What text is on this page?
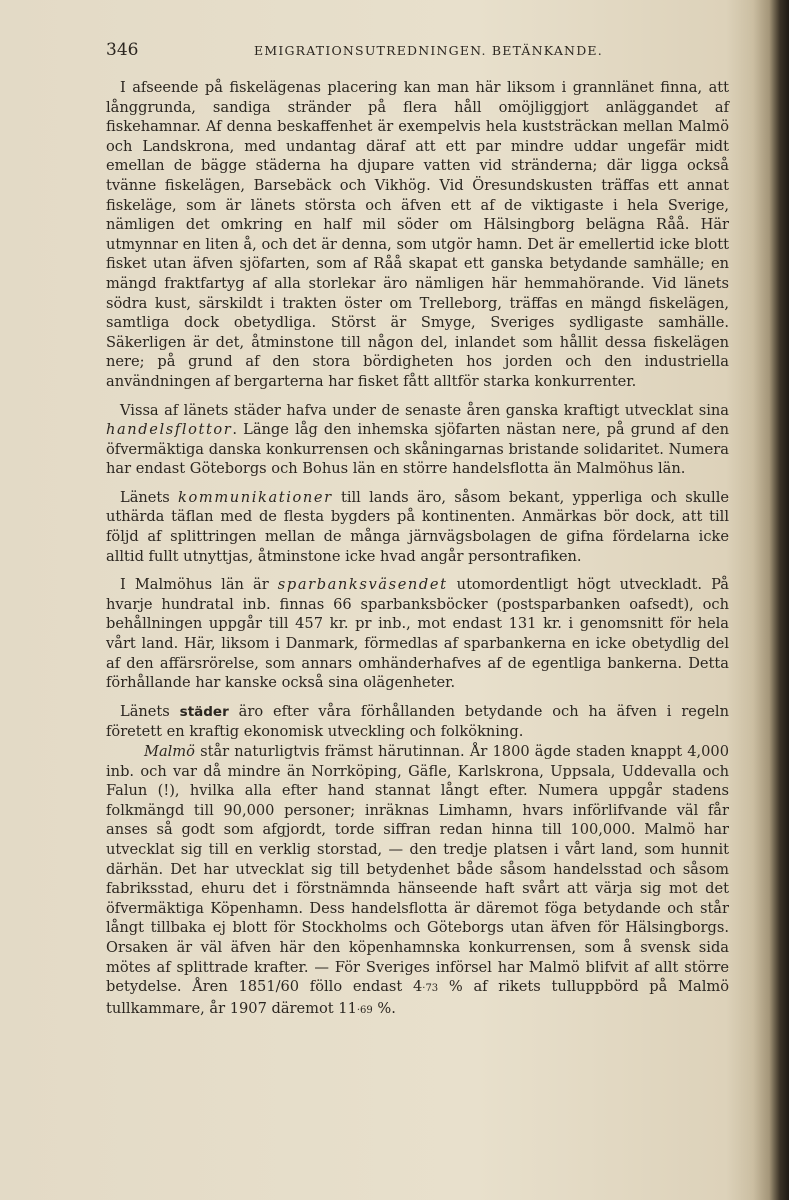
346	EMIGRATIONSUTREDNINGEN. BETÄNKANDE.

I afseende på fiskelägenas placering kan man här liksom i grannlänet finna, att långgrunda, sandiga stränder på flera håll omöjliggjort anläggandet af fiskehamnar. Af denna beskaffenhet är exempelvis hela kuststräckan mellan Malmö och Landskrona, med undantag däraf att ett par mindre uddar ungefär midt emellan de bägge städerna ha djupare vatten vid stränderna; där ligga också tvänne fiskelägen, Barsebäck och Vikhög. Vid Öresundskusten träffas ett annat fiskeläge, som är länets största och äfven ett af de viktigaste i hela Sverige, nämligen det omkring en half mil söder om Hälsingborg belägna Råå. Här utmynnar en liten å, och det är denna, som utgör hamn. Det är emellertid icke blott fisket utan äfven sjöfarten, som af Råå skapat ett ganska betydande samhälle; en mängd fraktfartyg af alla storlekar äro nämligen här hemmahörande. Vid länets södra kust, särskildt i trakten öster om Trelleborg, träffas en mängd fiskelägen, samtliga dock obetydliga. Störst är Smyge, Sveriges sydligaste samhälle. Säkerligen är det, åtminstone till någon del, inlandet som hållit dessa fiskelägen nere; på grund af den stora bördigheten hos jorden och den industriella användningen af bergarterna har fisket fått alltför starka konkurrenter.

Vissa af länets städer hafva under de senaste åren ganska kraftigt utvecklat sina handelsflottor. Länge låg den inhemska sjöfarten nästan nere, på grund af den öfvermäktiga danska konkurrensen och skåningarnas bristande solidaritet. Numera har endast Göteborgs och Bohus län en större handelsflotta än Malmöhus län.

Länets kommunikationer till lands äro, såsom bekant, ypperliga och skulle uthärda täflan med de flesta bygders på kontinenten. Anmärkas bör dock, att till följd af splittringen mellan de många järnvägsbolagen de gifna fördelarna icke alltid fullt utnyttjas, åtminstone icke hvad angår persontrafiken.

I Malmöhus län är sparbanksväsendet utomordentligt högt utveckladt. På hvarje hundratal inb. finnas 66 sparbanksböcker (postsparbanken oafsedt), och behållningen uppgår till 457 kr. pr inb., mot endast 131 kr. i genomsnitt för hela vårt land. Här, liksom i Danmark, förmedlas af sparbankerna en icke obetydlig del af den affärsrörelse, som annars omhänderhafves af de egentliga bankerna. Detta förhållande har kanske också sina olägenheter.

Länets städer äro efter våra förhållanden betydande och ha äfven i regeln företett en kraftig ekonomisk utveckling och folkökning.

Malmö står naturligtvis främst härutinnan. År 1800 ägde staden knappt 4,000 inb. och var då mindre än Norrköping, Gäfle, Karlskrona, Uppsala, Uddevalla och Falun (!), hvilka alla efter hand stannat långt efter. Numera uppgår stadens folkmängd till 90,000 personer; inräknas Limhamn, hvars införlifvande väl får anses så godt som afgjordt, torde siffran redan hinna till 100,000. Malmö har utvecklat sig till en verklig storstad, — den tredje platsen i vårt land, som hunnit därhän. Det har utvecklat sig till betydenhet både såsom handelsstad och såsom fabriksstad, ehuru det i förstnämnda hänseende haft svårt att värja sig mot det öfvermäktiga Köpenhamn. Dess handelsflotta är däremot föga betydande och står långt tillbaka ej blott för Stockholms och Göteborgs utan äfven för Hälsingborgs. Orsaken är väl äfven här den köpenhamnska konkurrensen, som å svensk sida mötes af splittrade krafter. — För Sveriges införsel har Malmö blifvit af allt större betydelse. Åren 1851/60 föllo endast 4·73 % af rikets tulluppbörd på Malmö tullkammare, år 1907 däremot 11·69 %.
